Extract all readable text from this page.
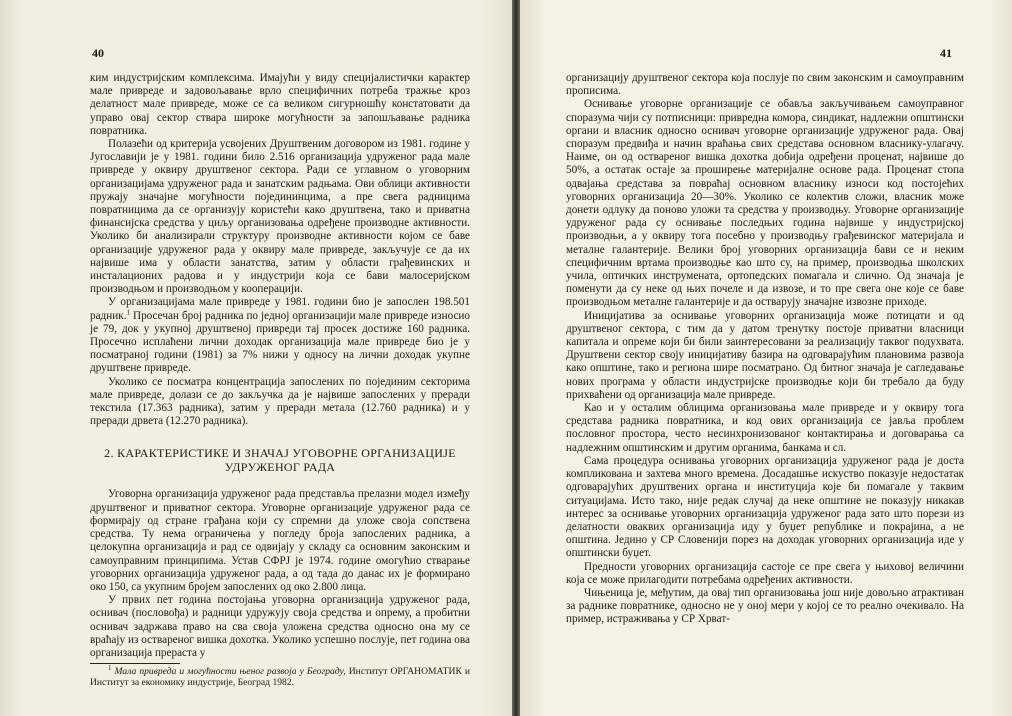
40

ким индустријским комплексима. Имајући у виду специјалистички карактер мале привреде и задовољавање врло специфичних потреба тражње кроз делатност мале привреде, може се са великом сигурношћу констатовати да управо овај сектор ствара широке могућности за запошљавање радника повратника.

Полазећи од критерија усвојених Друштвеним договором из 1981. године у Југославији је у 1981. години било 2.516 организација удруженог рада мале привреде у оквиру друштвеног сектора. Ради се углавном о уговорним организацијама удруженог рада и занатским радњама. Ови облици активности пружају значајне могућности поједининцима, а пре свега радницима повратницима да се организују користећи како друштвена, тако и приватна финансијска средства у циљу организовања одређене производне активности. Уколико би анализирали структуру производне активности којом се баве организације удруженог рада у оквиру мале привреде, закључује се да их највише има у области занатства, затим у области грађевинских и инсталационих радова и у индустрији која се бави малосеријском производњом и производњом у кооперацији.

У организацијама мале привреде у 1981. години био је запослен 198.501 радник.$^1$ Просечан број радника по једној организацији мале привреде износио је 79, док у укупној друштвеној привреди тај просек достиже 160 радника. Просечно исплаћени лични доходак организација мале привреде био је у посматраној години (1981) за 7% нижи у односу на лични доходак укупне друштвене привреде.

Уколико се посматра концентрација запослених по појединим секторима мале привреде, долази се до закључка да је највише запослених у преради текстила (17.363 радника), затим у преради метала (12.760 радника) и у преради дрвета (12.270 радника).

2. КАРАКТЕРИСТИКЕ И ЗНАЧАЈ УГОВОРНЕ ОРГАНИЗАЦИЈЕ
УДРУЖЕНОГ РАДА

Уговорна организација удруженог рада представља прелазни модел између друштвеног и приватног сектора. Уговорне организације удруженог рада се формирају од стране грађана који су спремни да уложе своја сопствена средства. Ту нема ограничења у погледу броја запослених радника, а целокупна организација и рад се одвијају у складу са основним законским и самоуправним принципима. Устав СФРЈ је 1974. године омогућио стварање уговорних организација удруженог рада, а од тада до данас их је формирано око 150, са укупним бројем запослених од око 2.800 лица.

У првих пет година постојања уговорна организација удруженог рада, оснивач (пословођа) и радници удружују своја средства и опрему, а пробитни оснивач задржава право на сва своја уложена средства односно она му се враћају из оствареног вишка дохотка. Уколико успешно послује, пет година ова организација прераста у

$^1$ Мала привреда и могућности њеног развоја у Београду, Институт ОРГАНОМАТИК и Институт за економику индустрије, Београд 1982.

41

организацију друштвеног сектора која послује по свим законским и самоуправним прописима.

Оснивање уговорне организације се обавља закључивањем самоуправног споразума чији су потписници: привредна комора, синдикат, надлежни општински органи и власник односно оснивач уговорне организације удруженог рада. Овај споразум предвиђа и начин враћања свих средстава основном власнику-улагачу. Наиме, он од оствареног вишка дохотка добија одређени проценат, највише до 50%, а остатак остаје за проширење материјалне основе рада. Проценат стопа одвајања средстава за повраћај основном власнику износи код постојећих уговорних организација 20—30%. Уколико се колектив сложи, власник може донети одлуку да поново уложи та средства у производњу. Уговорне организације удруженог рада су оснивање последњих година највише у индустријској производњи, а у оквиру тога посебно у производњу грађевинског материјала и металне галантерије. Велики број уговорних организација бави се и неким специфичним вртама производње као што су, на пример, производња школских училa, оптичких инструмената, ортопедских помагала и слично. Од значаја је поменути да су неке од њих почеле и да извозе, и то пре свега оне које се баве производњом металне галантерије и да остварују значајне извозне приходе.

Иницијатива за оснивање уговорних организација може потицати и од друштвеног сектора, с тим да у датом тренутку постоје приватни власници капитала и опреме који би били заинтересовани за реализацију таквог подухвата. Друштвени сектор своју иницијативу базира на одговарајућим плановима развоја како општине, тако и региона шире посматрано. Од битног значаја је сагледавање нових програма у области индустријске производње који би требало да буду прихваћени од организација мале привреде.

Као и у осталим облицима организовања мале привреде и у оквиру тога средстава радника повратника, и код ових организација се јавља проблем пословног простора, често несинхронизованог контактирања и договарања са надлежним општинским и другим органима, банкама и сл.

Сама процедура оснивања уговорних организација удруженог рада је доста компликована и захтева много времена. Досадашње искуство показује недостатак одговарајућих друштвених органа и институција које би помагале у таквим ситуацијама. Исто тако, није редак случај да неке општине не показују никакав интерес за оснивање уговорних организација удруженог рада зато што порези из делатности оваквих организација иду у буџет републике и покрајина, а не општина. Једино у СР Словенији порез на доходак уговорних организација иде у општински буџет.

Предности уговорних организација састоје се пре свега у њиховој величини која се може прилагодити потребама одређених активности.

Чињеница је, међутим, да овај тип организовања још није довољно атрактиван за раднике повратнике, односно не у оној мери у којој се то реално очекивало. На пример, истраживања у СР Хрват-
